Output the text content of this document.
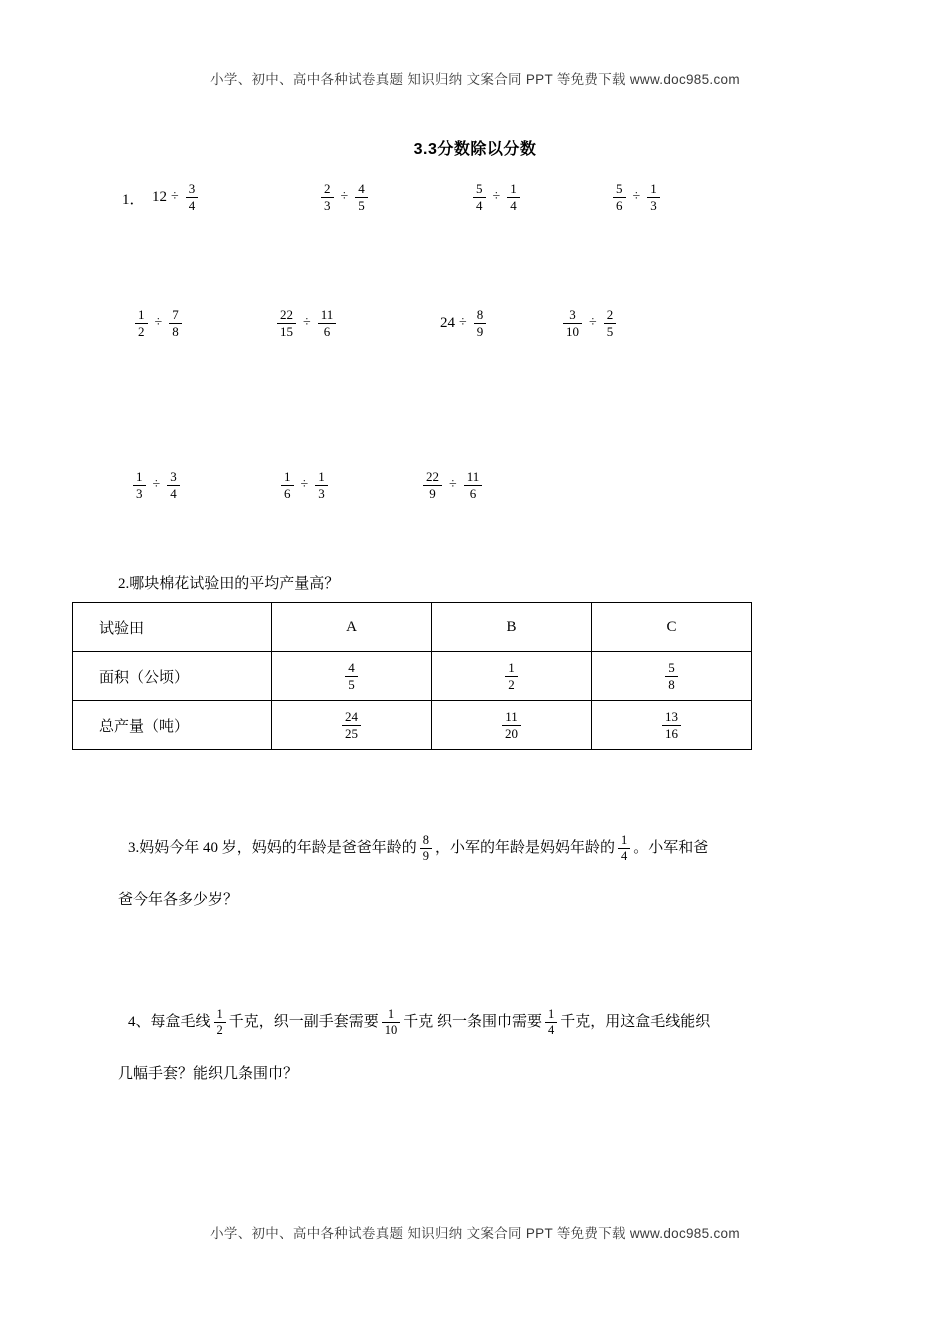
小学、初中、高中各种试卷真题 知识归纳 文案合同 PPT 等免费下载 www.doc985.com
3.3分数除以分数
1． $12 \div \frac{3}{4}$	$\frac{2}{3} \div \frac{4}{5}$	$\frac{5}{4} \div \frac{1}{4}$	$\frac{5}{6} \div \frac{1}{3}$
$\frac{1}{2} \div \frac{7}{8}$	$\frac{22}{15} \div \frac{11}{6}$	$24 \div \frac{8}{9}$	$\frac{3}{10} \div \frac{2}{5}$
$\frac{1}{3} \div \frac{3}{4}$	$\frac{1}{6} \div \frac{1}{3}$	$\frac{22}{9} \div \frac{11}{6}$
2.哪块棉花试验田的平均产量高？
试验田	A	B	C
面积（公顷）	$\frac{4}{5}$	$\frac{1}{2}$	$\frac{5}{8}$

总产量（吨）	$\frac{24}{25}$	$\frac{11}{20}$	$\frac{13}{16}$
3.妈妈今年 40 岁，妈妈的年龄是爸爸年龄的 $\frac{8}{9}$ ，小军的年龄是妈妈年龄的 $\frac{1}{4}$ 。小军和爸
爸今年各多少岁？
4、每盒毛线 $\frac{1}{2}$ 千克，织一副手套需要 $\frac{1}{10}$ 千克 织一条围巾需要 $\frac{1}{4}$ 千克，用这盒毛线能织
几幅手套？能织几条围巾？
小学、初中、高中各种试卷真题 知识归纳 文案合同 PPT 等免费下载 www.doc985.com
